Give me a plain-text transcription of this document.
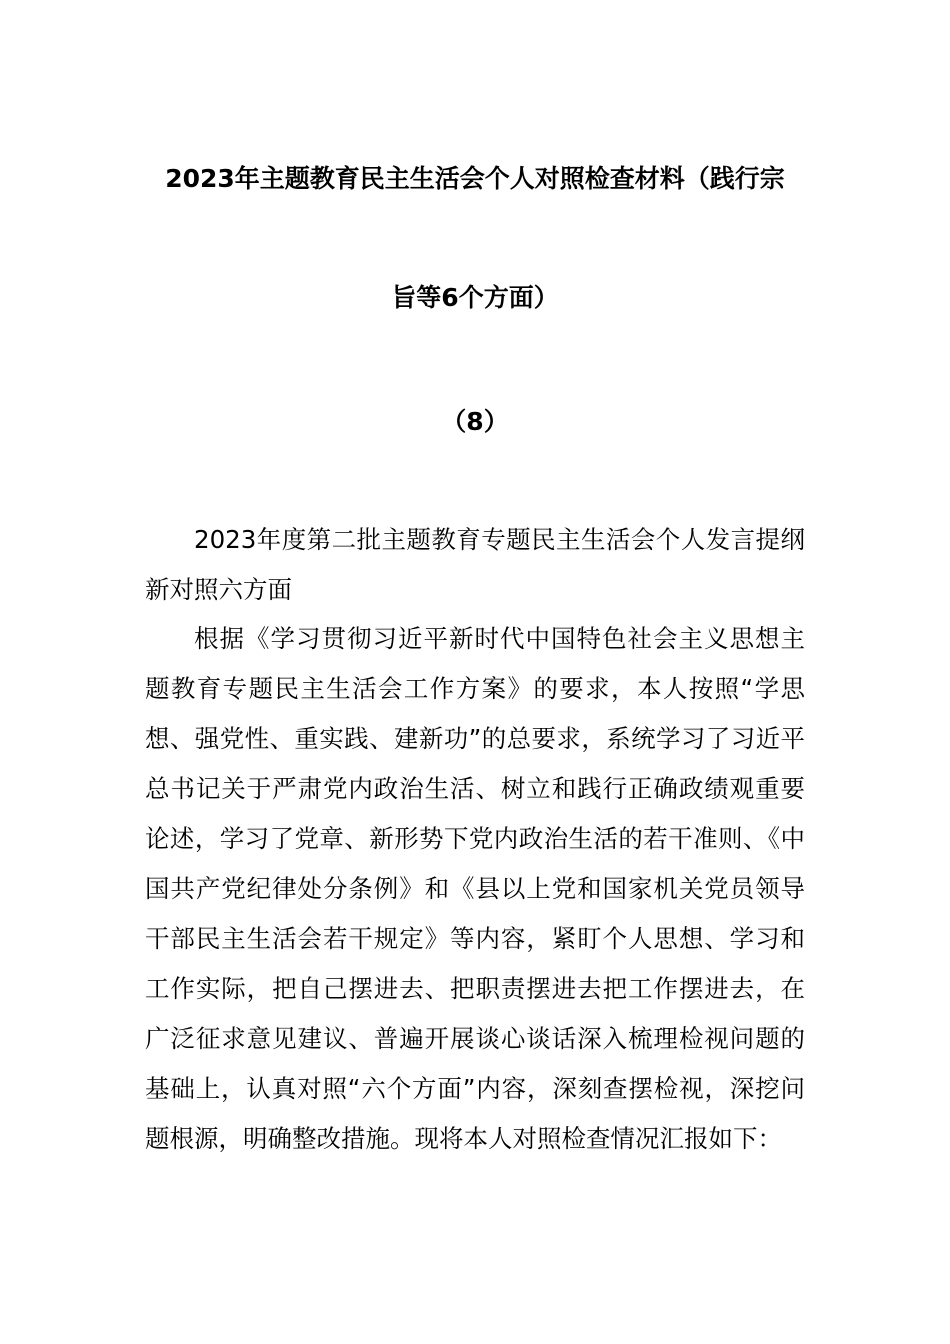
2023年主题教育民主生活会个人对照检查材料（践行宗
旨等6个方面）
（8）

2023年度第二批主题教育专题民主生活会个人发言提纲新对照六方面

根据《学习贯彻习近平新时代中国特色社会主义思想主题教育专题民主生活会工作方案》的要求，本人按照“学思想、强党性、重实践、建新功”的总要求，系统学习了习近平总书记关于严肃党内政治生活、树立和践行正确政绩观重要论述，学习了党章、新形势下党内政治生活的若干准则、《中国共产党纪律处分条例》和《县以上党和国家机关党员领导干部民主生活会若干规定》等内容，紧盯个人思想、学习和工作实际，把自己摆进去、把职责摆进去把工作摆进去，在广泛征求意见建议、普遍开展谈心谈话深入梳理检视问题的基础上，认真对照“六个方面”内容，深刻查摆检视，深挖问题根源，明确整改措施。现将本人对照检查情况汇报如下：
